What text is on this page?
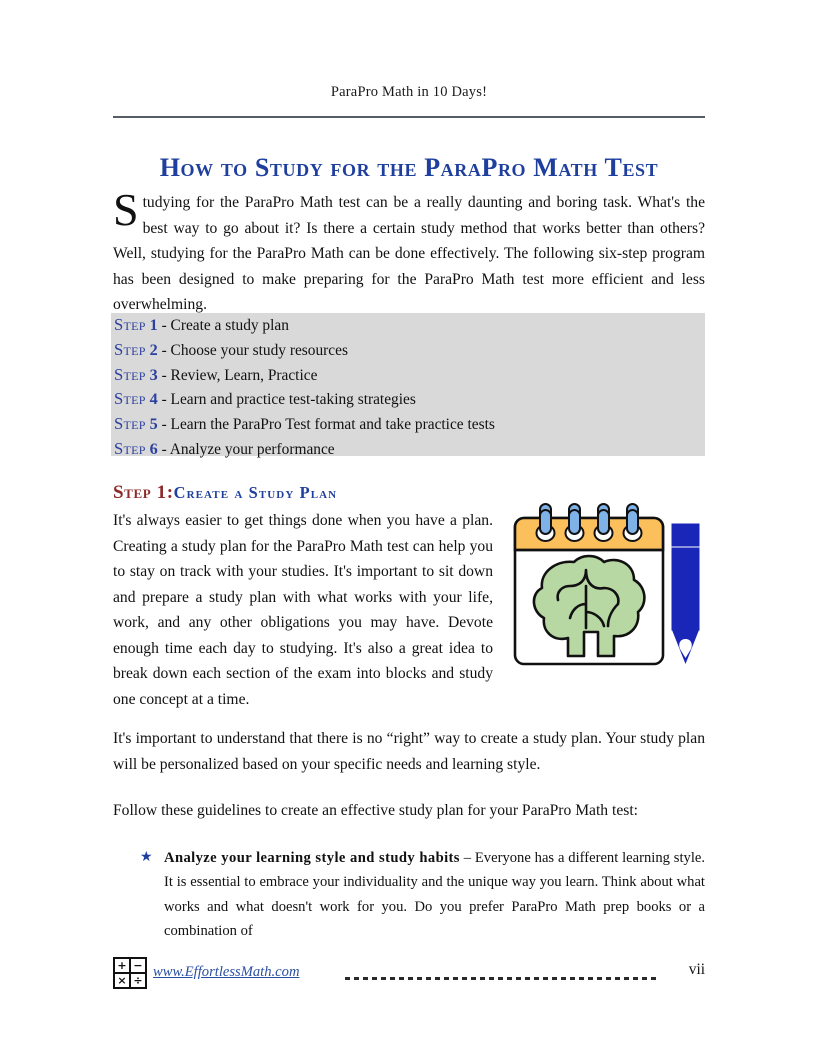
ParaPro Math in 10 Days!
How to Study for the ParaPro Math Test
Studying for the ParaPro Math test can be a really daunting and boring task. What's the best way to go about it? Is there a certain study method that works better than others? Well, studying for the ParaPro Math can be done effectively. The following six-step program has been designed to make preparing for the ParaPro Math test more efficient and less overwhelming.
Step 1 - Create a study plan
Step 2 - Choose your study resources
Step 3 - Review, Learn, Practice
Step 4 - Learn and practice test-taking strategies
Step 5 - Learn the ParaPro Test format and take practice tests
Step 6 - Analyze your performance
Step 1:Create a Study Plan
It's always easier to get things done when you have a plan. Creating a study plan for the ParaPro Math test can help you to stay on track with your studies. It's important to sit down and prepare a study plan with what works with your life, work, and any other obligations you may have. Devote enough time each day to studying. It's also a great idea to break down each section of the exam into blocks and study one concept at a time.
It's important to understand that there is no “right” way to create a study plan. Your study plan will be personalized based on your specific needs and learning style.
Follow these guidelines to create an effective study plan for your ParaPro Math test:
★ Analyze your learning style and study habits – Everyone has a different learning style. It is essential to embrace your individuality and the unique way you learn. Think about what works and what doesn't work for you. Do you prefer ParaPro Math prep books or a combination of
+ −
× ÷
www.EffortlessMath.com	vii
